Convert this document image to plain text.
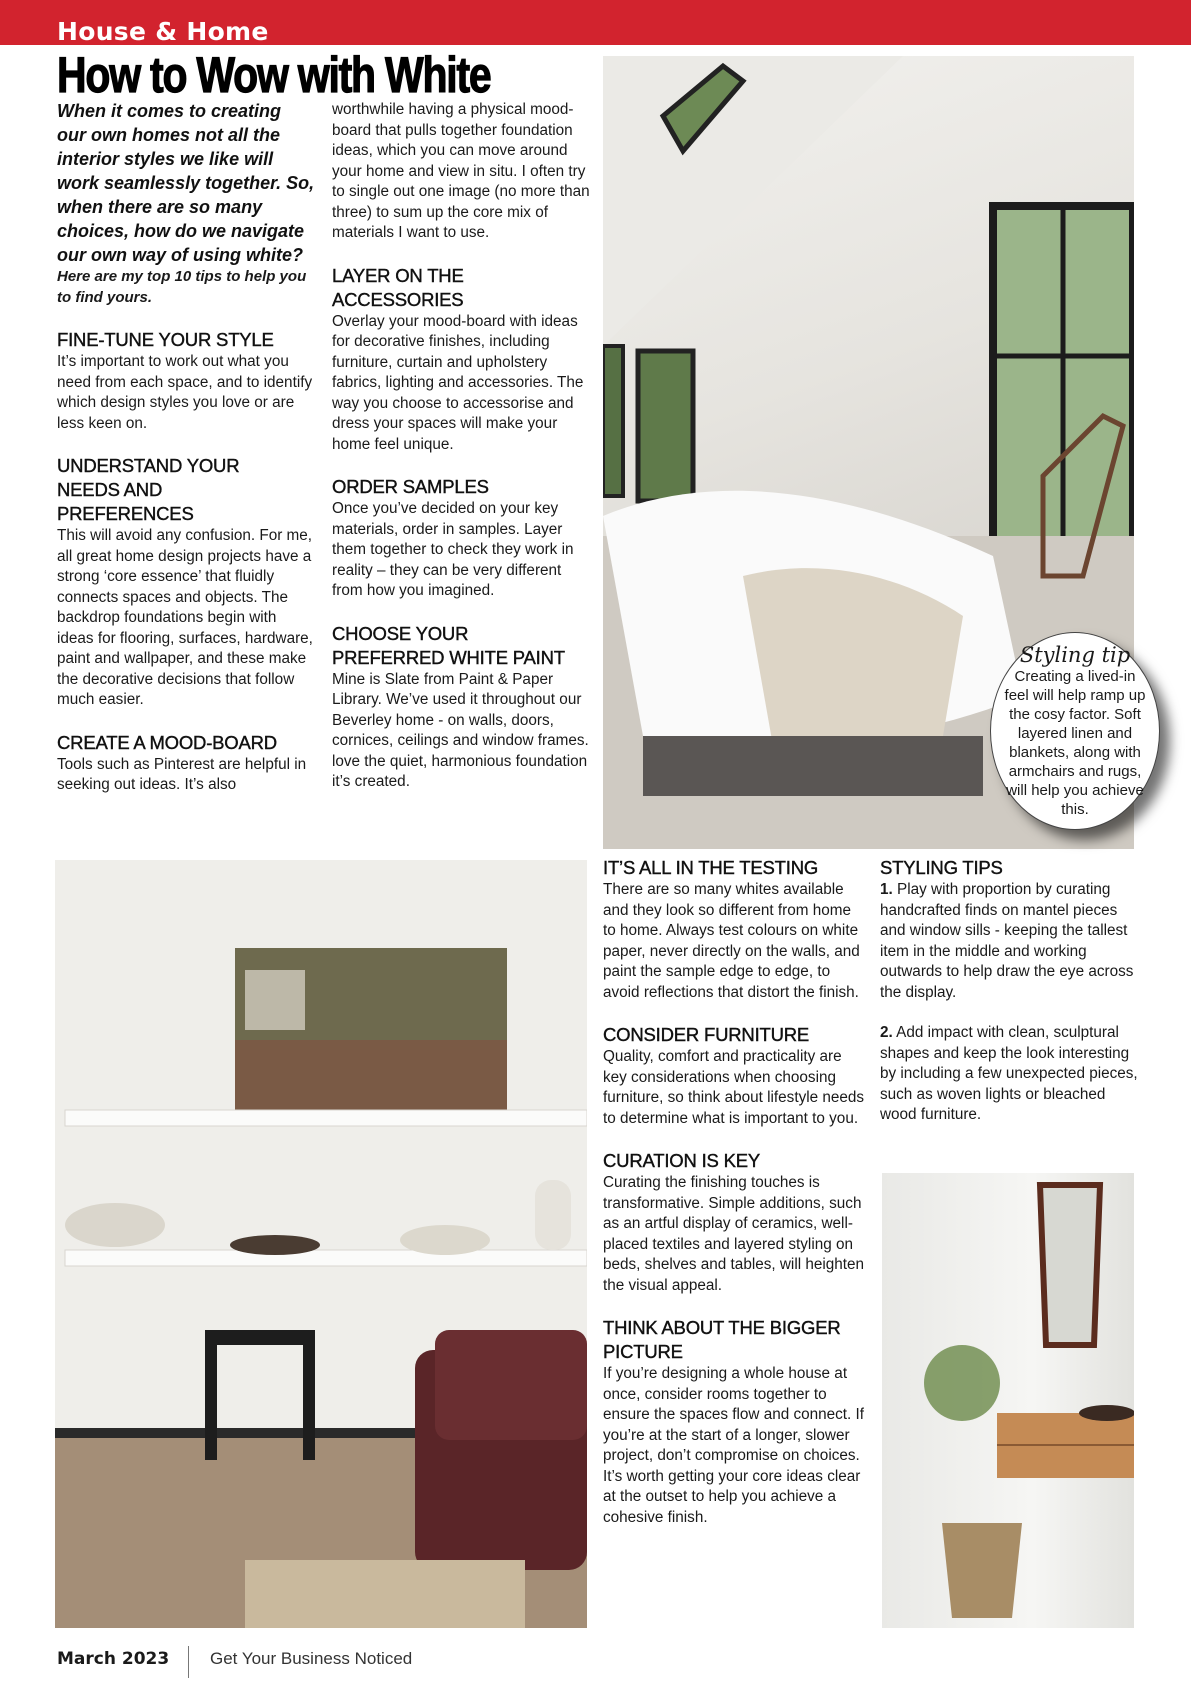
House & Home
How to Wow with White

When it comes to creating our own homes not all the interior styles we like will work seamlessly together. So, when there are so many choices, how do we navigate our own way of using white?

Here are my top 10 tips to help you to find yours.

FINE-TUNE YOUR STYLE

It’s important to work out what you need from each space, and to identify which design styles you love or are less keen on.

UNDERSTAND YOUR NEEDS AND PREFERENCES

This will avoid any confusion. For me, all great home design projects have a strong ‘core essence’ that fluidly connects spaces and objects. The backdrop foundations begin with ideas for flooring, surfaces, hardware, paint and wallpaper, and these make the decorative decisions that follow much easier.

CREATE A MOOD-BOARD

Tools such as Pinterest are helpful in seeking out ideas. It’s also

worthwhile having a physical mood-board that pulls together foundation ideas, which you can move around your home and view in situ. I often try to single out one image (no more than three) to sum up the core mix of materials I want to use.

LAYER ON THE ACCESSORIES

Overlay your mood-board with ideas for decorative finishes, including furniture, curtain and upholstery fabrics, lighting and accessories. The way you choose to accessorise and dress your spaces will make your home feel unique.

ORDER SAMPLES

Once you’ve decided on your key materials, order in samples. Layer them together to check they work in reality – they can be very different from how you imagined.

CHOOSE YOUR PREFERRED WHITE PAINT

Mine is Slate from Paint & Paper Library. We’ve used it throughout our Beverley home - on walls, doors, cornices, ceilings and window frames. love the quiet, harmonious foundation it’s created.

Styling tip
Creating a lived-in feel will help ramp up the cosy factor. Soft layered linen and blankets, along with armchairs and rugs, will help you achieve this.
IT’S ALL IN THE TESTING

There are so many whites available and they look so different from home to home. Always test colours on white paper, never directly on the walls, and paint the sample edge to edge, to avoid reflections that distort the finish.

CONSIDER FURNITURE

Quality, comfort and practicality are key considerations when choosing furniture, so think about lifestyle needs to determine what is important to you.

CURATION IS KEY

Curating the finishing touches is transformative. Simple additions, such as an artful display of ceramics, well-placed textiles and layered styling on beds, shelves and tables, will heighten the visual appeal.

THINK ABOUT THE BIGGER PICTURE

If you’re designing a whole house at once, consider rooms together to ensure the spaces flow and connect. If you’re at the start of a longer, slower project, don’t compromise on choices.

It’s worth getting your core ideas clear at the outset to help you achieve a cohesive finish.

STYLING TIPS

1. Play with proportion by curating handcrafted finds on mantel pieces and window sills - keeping the tallest item in the middle and working outwards to help draw the eye across the display.

2. Add impact with clean, sculptural shapes and keep the look interesting by including a few unexpected pieces, such as woven lights or bleached wood furniture.

March 2023 Get Your Business Noticed
